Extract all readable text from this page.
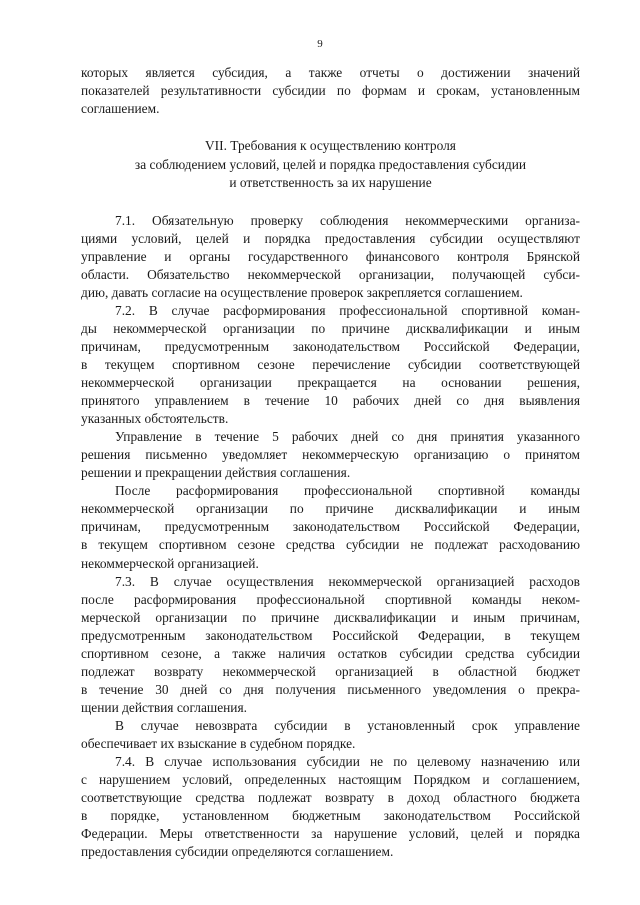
9
которых является субсидия, а также отчеты о достижении значений
показателей результативности субсидии по формам и срокам, установленным
соглашением.
VII. Требования к осуществлению контроля
за соблюдением условий, целей и порядка предоставления субсидии
и ответственность за их нарушение
7.1. Обязательную проверку соблюдения некоммерческими организа-
циями условий, целей и порядка предоставления субсидии осуществляют
управление и органы государственного финансового контроля Брянской
области. Обязательство некоммерческой организации, получающей субси-
дию, давать согласие на осуществление проверок закрепляется соглашением.
7.2. В случае расформирования профессиональной спортивной коман-
ды некоммерческой организации по причине дисквалификации и иным
причинам, предусмотренным законодательством Российской Федерации,
в текущем спортивном сезоне перечисление субсидии соответствующей
некоммерческой организации прекращается на основании решения,
принятого управлением в течение 10 рабочих дней со дня выявления
указанных обстоятельств.
Управление в течение 5 рабочих дней со дня принятия указанного
решения письменно уведомляет некоммерческую организацию о принятом
решении и прекращении действия соглашения.
После расформирования профессиональной спортивной команды
некоммерческой организации по причине дисквалификации и иным
причинам, предусмотренным законодательством Российской Федерации,
в текущем спортивном сезоне средства субсидии не подлежат расходованию
некоммерческой организацией.
7.3. В случае осуществления некоммерческой организацией расходов
после расформирования профессиональной спортивной команды неком-
мерческой организации по причине дисквалификации и иным причинам,
предусмотренным законодательством Российской Федерации, в текущем
спортивном сезоне, а также наличия остатков субсидии средства субсидии
подлежат возврату некоммерческой организацией в областной бюджет
в течение 30 дней со дня получения письменного уведомления о прекра-
щении действия соглашения.
В случае невозврата субсидии в установленный срок управление
обеспечивает их взыскание в судебном порядке.
7.4. В случае использования субсидии не по целевому назначению или
с нарушением условий, определенных настоящим Порядком и соглашением,
соответствующие средства подлежат возврату в доход областного бюджета
в порядке, установленном бюджетным законодательством Российской
Федерации. Меры ответственности за нарушение условий, целей и порядка
предоставления субсидии определяются соглашением.
